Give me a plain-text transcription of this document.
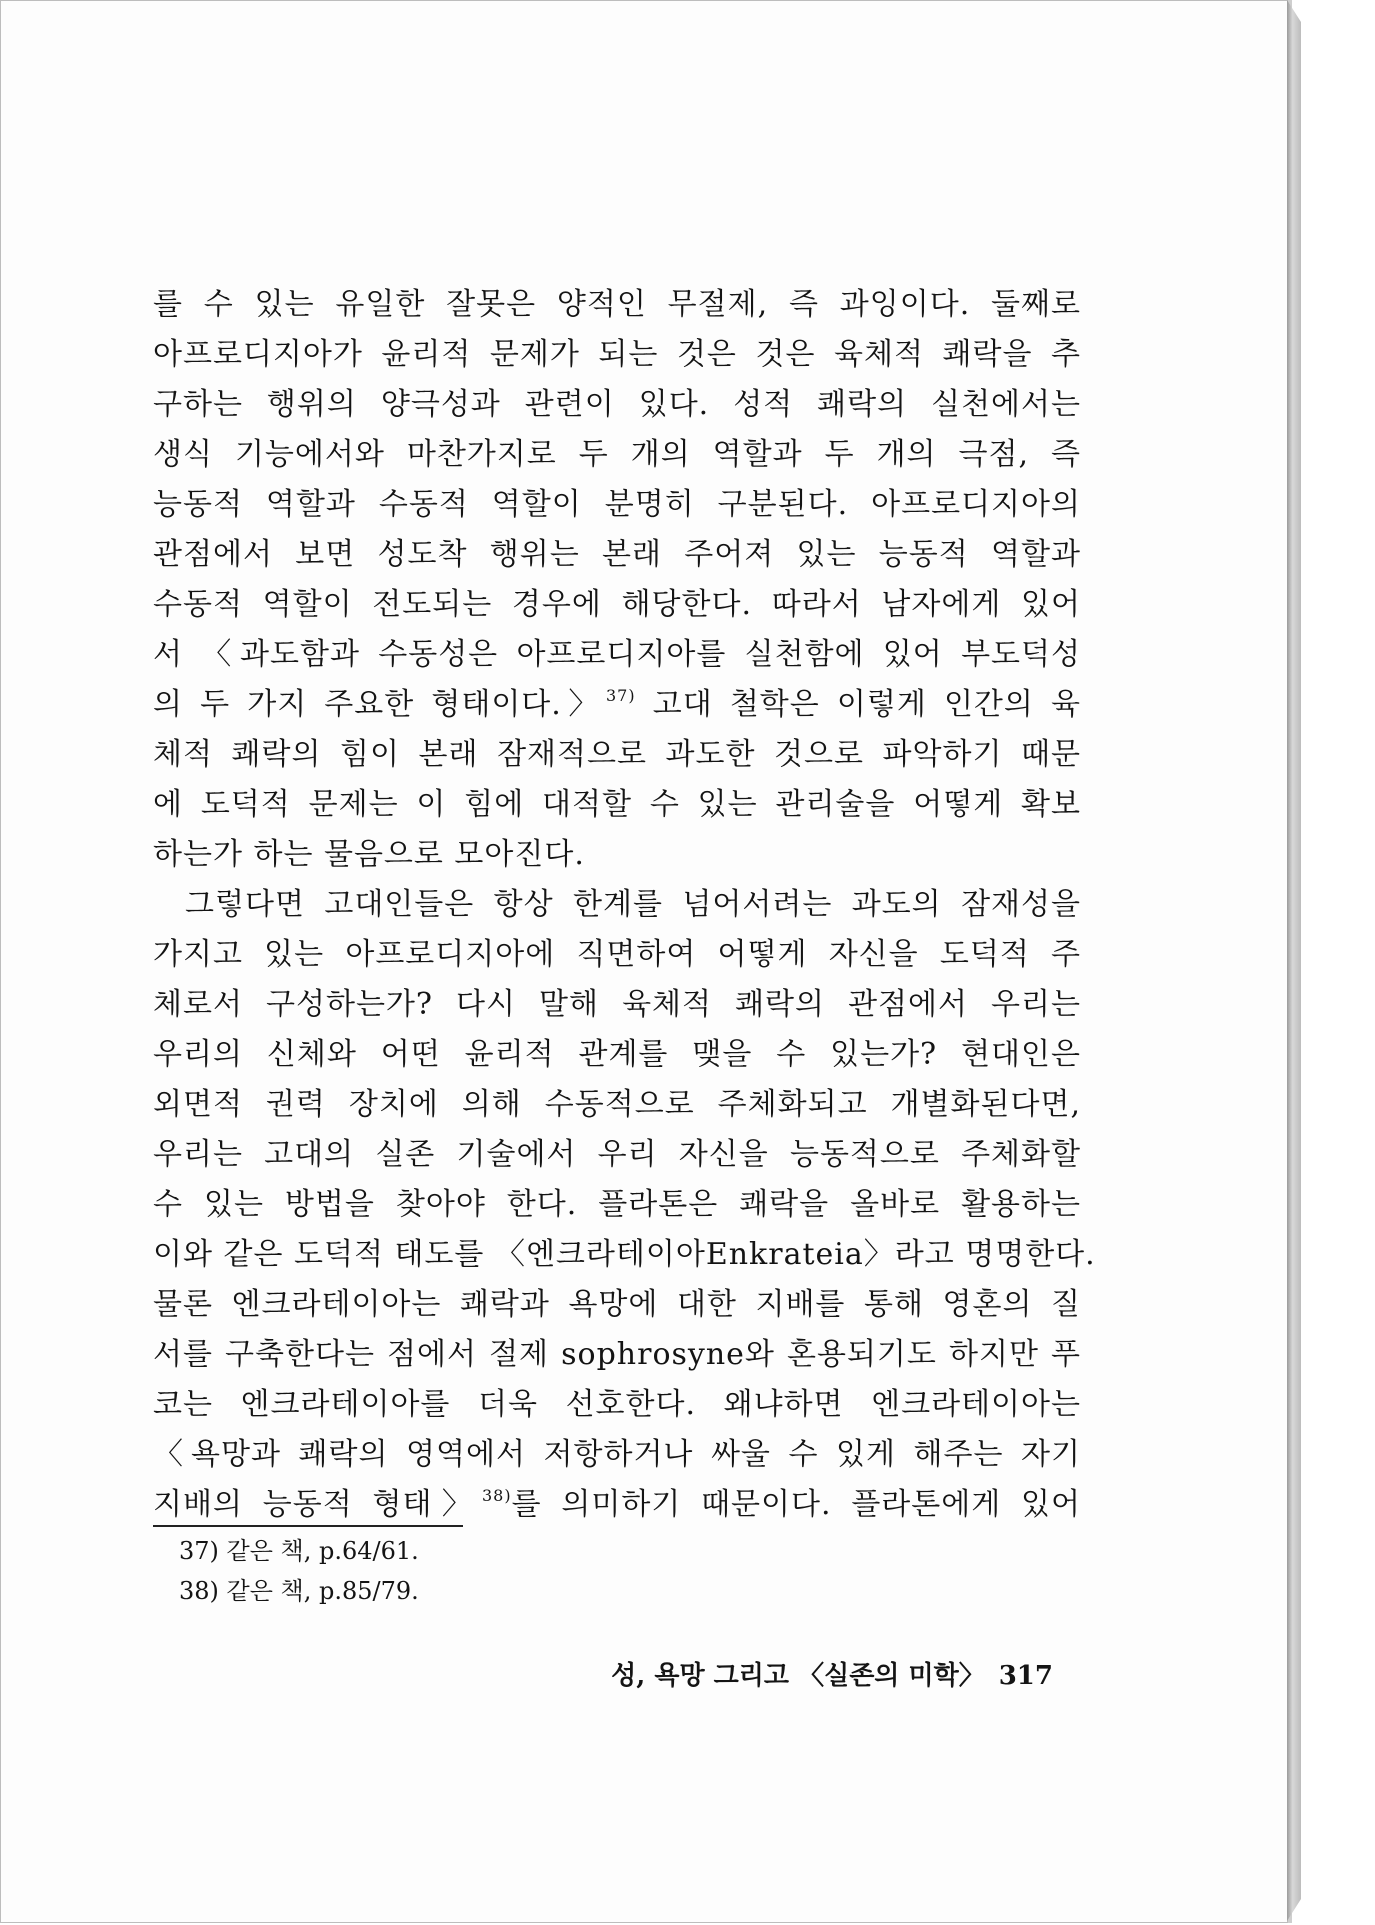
를 수 있는 유일한 잘못은 양적인 무절제, 즉 과잉이다. 둘째로
아프로디지아가 윤리적 문제가 되는 것은 것은 육체적 쾌락을 추
구하는 행위의 양극성과 관련이 있다. 성적 쾌락의 실천에서는
생식 기능에서와 마찬가지로 두 개의 역할과 두 개의 극점, 즉
능동적 역할과 수동적 역할이 분명히 구분된다. 아프로디지아의
관점에서 보면 성도착 행위는 본래 주어져 있는 능동적 역할과
수동적 역할이 전도되는 경우에 해당한다. 따라서 남자에게 있어
서 〈과도함과 수동성은 아프로디지아를 실천함에 있어 부도덕성
의 두 가지 주요한 형태이다.〉$^{37)}$ 고대 철학은 이렇게 인간의 육
체적 쾌락의 힘이 본래 잠재적으로 과도한 것으로 파악하기 때문
에 도덕적 문제는 이 힘에 대적할 수 있는 관리술을 어떻게 확보
하는가 하는 물음으로 모아진다.
그렇다면 고대인들은 항상 한계를 넘어서려는 과도의 잠재성을
가지고 있는 아프로디지아에 직면하여 어떻게 자신을 도덕적 주
체로서 구성하는가? 다시 말해 육체적 쾌락의 관점에서 우리는
우리의 신체와 어떤 윤리적 관계를 맺을 수 있는가? 현대인은
외면적 권력 장치에 의해 수동적으로 주체화되고 개별화된다면,
우리는 고대의 실존 기술에서 우리 자신을 능동적으로 주체화할
수 있는 방법을 찾아야 한다. 플라톤은 쾌락을 올바로 활용하는
이와 같은 도덕적 태도를 〈엔크라테이아Enkrateia〉라고 명명한다.
물론 엔크라테이아는 쾌락과 욕망에 대한 지배를 통해 영혼의 질
서를 구축한다는 점에서 절제 sophrosyne와 혼용되기도 하지만 푸
코는 엔크라테이아를 더욱 선호한다. 왜냐하면 엔크라테이아는
〈욕망과 쾌락의 영역에서 저항하거나 싸울 수 있게 해주는 자기
지배의 능동적 형태〉$^{38)}$를 의미하기 때문이다. 플라톤에게 있어
37) 같은 책, p.64/61.
38) 같은 책, p.85/79.
성, 욕망 그리고 〈실존의 미학〉 317
